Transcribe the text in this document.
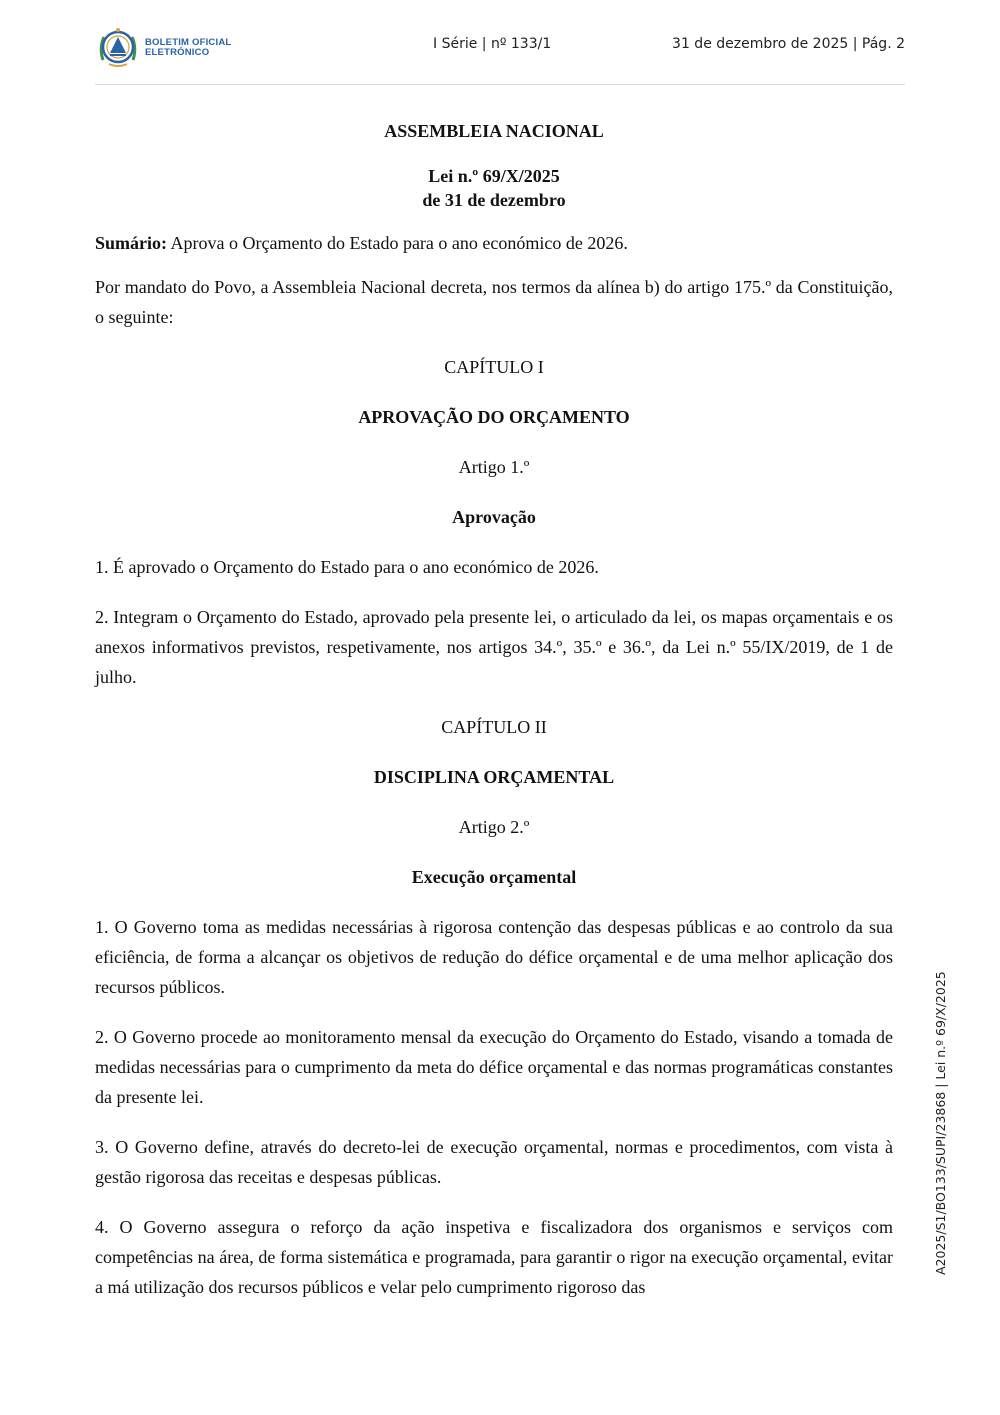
BOLETIM OFICIAL
ELETRÓNICO
I Série | nº 133/1	31 de dezembro de 2025 | Pág. 2
ASSEMBLEIA NACIONAL
Lei n.º 69/X/2025
de 31 de dezembro

Sumário: Aprova o Orçamento do Estado para o ano económico de 2026.

Por mandato do Povo, a Assembleia Nacional decreta, nos termos da alínea b) do artigo 175.º da Constituição, o seguinte:

CAPÍTULO I
APROVAÇÃO DO ORÇAMENTO
Artigo 1.º
Aprovação

1. É aprovado o Orçamento do Estado para o ano económico de 2026.

2. Integram o Orçamento do Estado, aprovado pela presente lei, o articulado da lei, os mapas orçamentais e os anexos informativos previstos, respetivamente, nos artigos 34.º, 35.º e 36.º, da Lei n.º 55/IX/2019, de 1 de julho.

CAPÍTULO II
DISCIPLINA ORÇAMENTAL
Artigo 2.º
Execução orçamental

1. O Governo toma as medidas necessárias à rigorosa contenção das despesas públicas e ao controlo da sua eficiência, de forma a alcançar os objetivos de redução do défice orçamental e de uma melhor aplicação dos recursos públicos.

2. O Governo procede ao monitoramento mensal da execução do Orçamento do Estado, visando a tomada de medidas necessárias para o cumprimento da meta do défice orçamental e das normas programáticas constantes da presente lei.

3. O Governo define, através do decreto-lei de execução orçamental, normas e procedimentos, com vista à gestão rigorosa das receitas e despesas públicas.

4. O Governo assegura o reforço da ação inspetiva e fiscalizadora dos organismos e serviços com competências na área, de forma sistemática e programada, para garantir o rigor na execução orçamental, evitar a má utilização dos recursos públicos e velar pelo cumprimento rigoroso das

A2025/S1/BO133/SUPI/23868 | Lei n.º 69/X/2025
